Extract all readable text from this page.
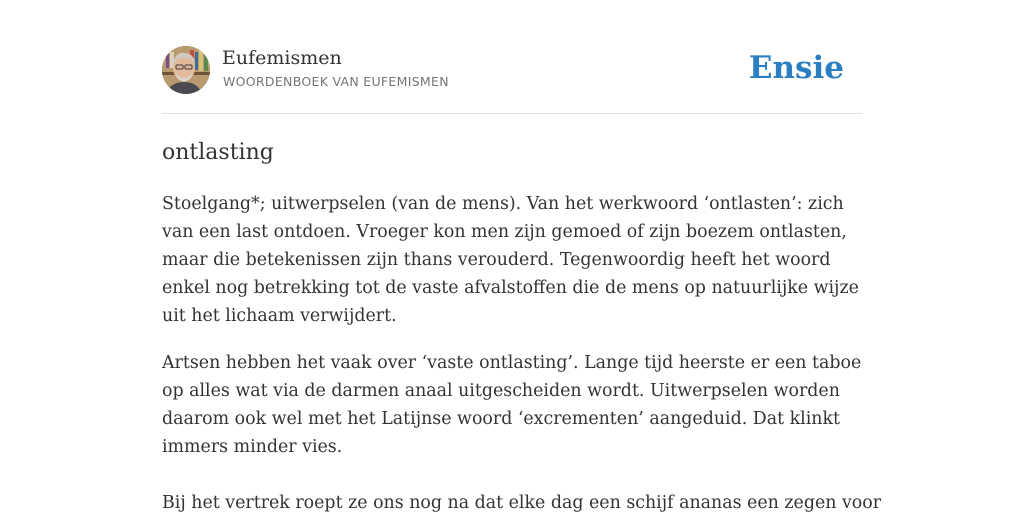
Eufemismen
WOORDENBOEK VAN EUFEMISMEN	Ensie
ontlasting

Stoelgang*; uitwerpselen (van de mens). Van het werkwoord ‘ontlasten’: zich van een last ontdoen. Vroeger kon men zijn gemoed of zijn boezem ontlasten, maar die betekenissen zijn thans verouderd. Tegenwoordig heeft het woord enkel nog betrekking tot de vaste afvalstoffen die de mens op natuurlijke wijze uit het lichaam verwijdert.

Artsen hebben het vaak over ‘vaste ontlasting’. Lange tijd heerste er een taboe op alles wat via de darmen anaal uitgescheiden wordt. Uitwerpselen worden daarom ook wel met het Latijnse woord ‘excrementen’ aangeduid. Dat klinkt immers minder vies.

Bij het vertrek roept ze ons nog na dat elke dag een schijf ananas een zegen voor
